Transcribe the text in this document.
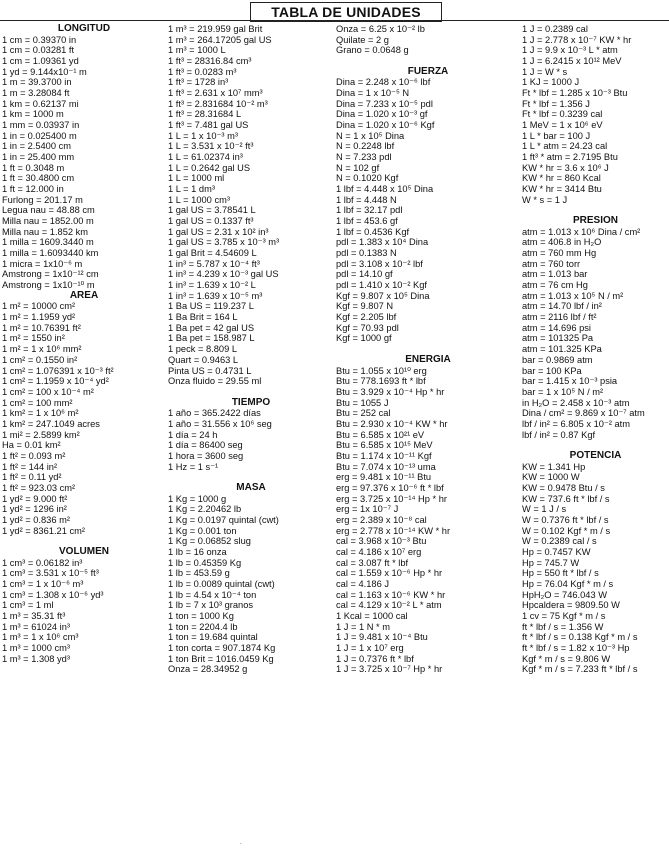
TABLA DE UNIDADES
LONGITUD
1 cm = 0.39370 in
1 cm = 0.03281 ft
1 cm = 1.09361 yd
1 yd = 9.144x10⁻¹ m
1 m = 39.3700 in
1 m = 3.28084 ft
1 km = 0.62137 mi
1 km = 1000 m
1 mm = 0.03937 in
1 in = 0.025400 m
1 in = 2.5400 cm
1 in = 25.400 mm
1 ft = 0.3048 m
1 ft = 30.4800 cm
1 ft = 12.000 in
Furlong = 201.17 m
Legua nau = 48.88 cm
Milla nau = 1852.00 m
Milla nau = 1.852 km
1 milla = 1609.3440 m
1 milla = 1.6093440 km
1 micra = 1x10⁻⁶ m
Amstrong = 1x10⁻¹² cm
Amstrong = 1x10⁻¹⁰ m
ÁREA
1 m² = 10000 cm²
1 m² = 1.1959 yd²
1 m² = 10.76391 ft²
1 m² = 1550 in²
1 m² = 1 x 10⁶ mm²
1 cm² = 0.1550 in²
1 cm² = 1.076391 x 10⁻³ ft²
1 cm² = 1.1959 x 10⁻⁴ yd²
1 cm² = 100 x 10⁻⁴ m²
1 cm² = 100 mm²
1 km² = 1 x 10⁶ m²
1 km² = 247.1049 acres
1 mi² = 2.5899 km²
Ha = 0.01 km²
1 ft² = 0.093 m²
1 ft² = 144 in²
1 ft² = 0.11 yd²
1 ft² = 923.03 cm²
1 yd² = 9.000 ft²
1 yd² = 1296 in²
1 yd² = 0.836 m²
1 yd² = 8361.21 cm²
VOLUMEN
1 cm³ = 0.06182 in³
1 cm³ = 3.531 x 10⁻⁵ ft³
1 cm³ = 1 x 10⁻⁶ m³
1 cm³ = 1.308 x 10⁻⁶ yd³
1 cm³ = 1 ml
1 m³ = 35.31 ft³
1 m³ = 61024 in³
1 m³ = 1 x 10⁶ cm³
1 m³ = 1000 cm³
1 m³ = 1.308 yd³
1 m³ = 219.959 gal Brit
1 m³ = 264.17205 gal US
1 m³ = 1000 L
1 ft³ = 28316.84 cm³
1 ft³ = 0.0283 m³
1 ft³ = 1728 in³
1 ft³ = 2.631 x 10⁷ mm³
1 ft³ = 2.831684 10⁻² m³
1 ft³ = 28.31684 L
1 ft³ = 7.481 gal US
1 L = 1 x 10⁻³ m³
1 L = 3.531 x 10⁻² ft³
1 L = 61.02374 in³
1 L = 0.2642 gal US
1 L = 1000 ml
1 L = 1 dm³
1 L = 1000 cm³
1 gal US = 3.78541 L
1 gal US = 0.1337 ft³
1 gal US = 2.31 x 10² in³
1 gal US = 3.785 x 10⁻³ m³
1 gal Brit = 4.54609 L
1 in³ = 5.787 x 10⁻⁴ ft³
1 in³ = 4.239 x 10⁻³ gal US
1 in³ = 1.639 x 10⁻² L
1 in³ = 1.639 x 10⁻⁵ m³
1 Ba US = 119.237 L
1 Ba Brit = 164 L
1 Ba pet = 42 gal US
1 Ba pet = 158.987 L
1 peck = 8.809 L
Quart = 0.9463 L
Pinta US = 0.4731 L
Onza fluido = 29.55 ml
TIEMPO
1 año = 365.2422 días
1 año = 31.556 x 10⁶ seg
1 día = 24 h
1 día = 86400 seg
1 hora = 3600 seg
1 Hz = 1 s⁻¹
MASA
1 Kg = 1000 g
1 Kg = 2.20462 lb
1 Kg = 0.0197 quintal (cwt)
1 Kg = 0.001 ton
1 Kg = 0.06852 slug
1 lb = 16 onza
1 lb = 0.45359 Kg
1 lb = 453.59 g
1 lb = 0.0089 quintal (cwt)
1 lb = 4.54 x 10⁻⁴ ton
1 lb = 7 x 10³ granos
1 ton = 1000 Kg
1 ton = 2204.4 lb
1 ton = 19.684 quintal
1 ton corta = 907.1874 Kg
1 ton Brit = 1016.0459 Kg
Onza = 28.34952 g
Onza = 6.25 x 10⁻² lb
Quilate = 2 g
Grano = 0.0648 g
FUERZA
Dina = 2.248 x 10⁻⁶ lbf
Dina = 1 x 10⁻⁵ N
Dina = 7.233 x 10⁻⁵ pdl
Dina = 1.020 x 10⁻³ gf
Dina = 1.020 x 10⁻⁶ Kgf
N = 1 x 10⁵ Dina
N = 0.2248 lbf
N = 7.233 pdl
N = 102 gf
N = 0.1020 Kgf
1 lbf = 4.448 x 10⁵ Dina
1 lbf = 4.448 N
1 lbf = 32.17 pdl
1 lbf = 453.6 gf
1 lbf = 0.4536 Kgf
pdl = 1.383 x 10⁴ Dina
pdl = 0.1383 N
pdl = 3.108 x 10⁻² lbf
pdl = 14.10 gf
pdl = 1.410 x 10⁻² Kgf
Kgf = 9.807 x 10⁵ Dina
Kgf = 9.807 N
Kgf = 2.205 lbf
Kgf = 70.93 pdl
Kgf = 1000 gf
ENERGÍA
Btu = 1.055 x 10¹⁰ erg
Btu = 778.1693 ft * lbf
Btu = 3.929 x 10⁻⁴ Hp * hr
Btu = 1055 J
Btu = 252 cal
Btu = 2.930 x 10⁻⁴ KW * hr
Btu = 6.585 x 10²¹ eV
Btu = 6.585 x 10¹⁵ MeV
Btu = 1.174 x 10⁻¹¹ Kgf
Btu = 7.074 x 10⁻¹³ uma
erg = 9.481 x 10⁻¹¹ Btu
erg = 97.376 x 10⁻⁶ ft * lbf
erg = 3.725 x 10⁻¹⁴ Hp * hr
erg = 1x 10⁻⁷ J
erg = 2.389 x 10⁻⁸ cal
erg = 2.778 x 10⁻¹⁴ KW * hr
cal = 3.968 x 10⁻³ Btu
cal = 4.186 x 10⁷ erg
cal = 3.087 ft * lbf
cal = 1.559 x 10⁻⁶ Hp * hr
cal = 4.186 J
cal = 1.163 x 10⁻⁶ KW * hr
cal = 4.129 x 10⁻² L * atm
1 Kcal = 1000 cal
1 J = 1 N * m
1 J = 9.481 x 10⁻⁴ Btu
1 J = 1 x 10⁷ erg
1 J = 0.7376 ft * lbf
1 J = 3.725 x 10⁻⁷ Hp * hr
1 J = 0.2389 cal
1 J = 2.778 x 10⁻⁷ KW * hr
1 J = 9.9 x 10⁻³ L * atm
1 J = 6.2415 x 10¹² MeV
1 J = W * s
1 KJ = 1000 J
Ft * lbf = 1.285 x 10⁻³ Btu
Ft * lbf = 1.356 J
Ft * lbf = 0.3239 cal
1 MeV = 1 x 10⁶ eV
1 L * bar = 100 J
1 L * atm = 24.23 cal
1 ft³ * atm = 2.7195 Btu
KW * hr = 3.6 x 10⁶ J
KW * hr = 860 Kcal
KW * hr = 3414 Btu
W * s = 1 J
PRESIÓN
atm = 1.013 x 10⁶ Dina / cm²
atm = 406.8 in H₂O
atm = 760 mm Hg
atm = 760 torr
atm = 1.013 bar
atm = 76 cm Hg
atm = 1.013 x 10⁵ N / m²
atm = 14.70 lbf / in²
atm = 2116 lbf / ft²
atm = 14.696 psi
atm = 101325 Pa
atm = 101.325 KPa
bar = 0.9869 atm
bar = 100 KPa
bar = 1.415 x 10⁻³ psia
bar = 1 x 10⁵ N / m²
in H₂O = 2.458 x 10⁻³ atm
Dina / cm² = 9.869 x 10⁻⁷ atm
lbf / in² = 6.805 x 10⁻² atm
lbf / in² = 0.87 Kgf
POTENCIA
KW = 1.341 Hp
KW = 1000 W
KW = 0.9478 Btu / s
KW = 737.6 ft * lbf / s
W = 1 J / s
W = 0.7376 ft * lbf / s
W = 0.102 Kgf * m / s
W = 0.2389 cal / s
Hp = 0.7457 KW
Hp = 745.7 W
Hp = 550 ft * lbf / s
Hp = 76.04 Kgf * m / s
HpH₂O = 746.043 W
Hpcaldera = 9809.50 W
1 cv = 75 Kgf * m / s
ft * lbf / s = 1.356 W
ft * lbf / s = 0.138 Kgf * m / s
ft * lbf / s = 1.82 x 10⁻³ Hp
Kgf * m / s = 9.806 W
Kgf * m / s = 7.233 ft * lbf / s
.
